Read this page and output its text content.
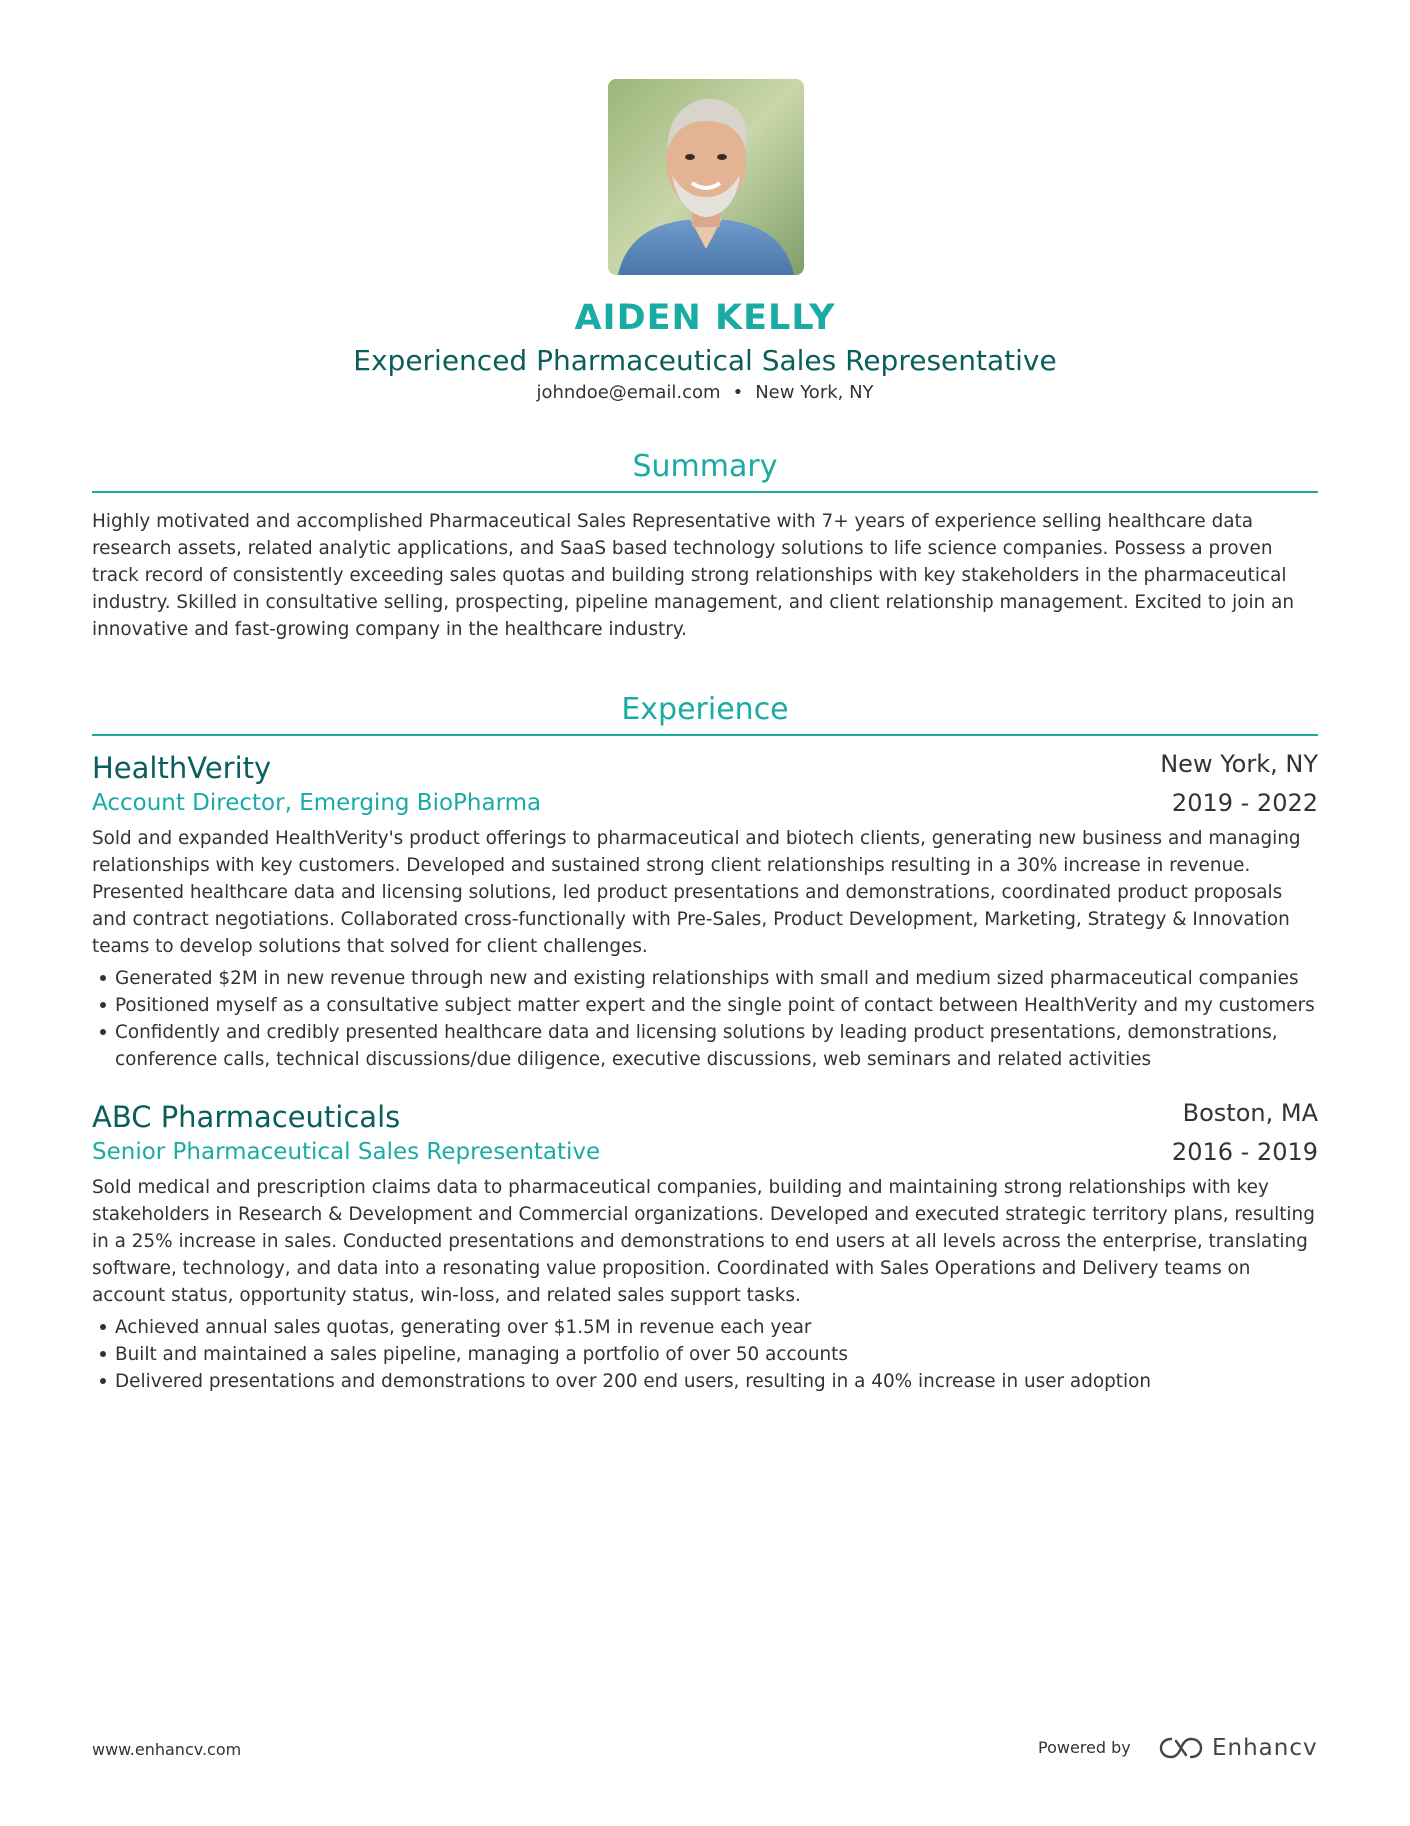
AIDEN KELLY
Experienced Pharmaceutical Sales Representative
johndoe@email.com • New York, NY
Summary
Highly motivated and accomplished Pharmaceutical Sales Representative with 7+ years of experience selling healthcare data research assets, related analytic applications, and SaaS based technology solutions to life science companies. Possess a proven track record of consistently exceeding sales quotas and building strong relationships with key stakeholders in the pharmaceutical industry. Skilled in consultative selling, prospecting, pipeline management, and client relationship management. Excited to join an innovative and fast-growing company in the healthcare industry.
Experience
HealthVerity	New York, NY
Account Director, Emerging BioPharma	2019 - 2022
Sold and expanded HealthVerity's product offerings to pharmaceutical and biotech clients, generating new business and managing relationships with key customers. Developed and sustained strong client relationships resulting in a 30% increase in revenue. Presented healthcare data and licensing solutions, led product presentations and demonstrations, coordinated product proposals and contract negotiations. Collaborated cross-functionally with Pre-Sales, Product Development, Marketing, Strategy & Innovation teams to develop solutions that solved for client challenges.
Generated $2M in new revenue through new and existing relationships with small and medium sized pharmaceutical companies
Positioned myself as a consultative subject matter expert and the single point of contact between HealthVerity and my customers
Confidently and credibly presented healthcare data and licensing solutions by leading product presentations, demonstrations, conference calls, technical discussions/due diligence, executive discussions, web seminars and related activities
ABC Pharmaceuticals	Boston, MA
Senior Pharmaceutical Sales Representative	2016 - 2019
Sold medical and prescription claims data to pharmaceutical companies, building and maintaining strong relationships with key stakeholders in Research & Development and Commercial organizations. Developed and executed strategic territory plans, resulting in a 25% increase in sales. Conducted presentations and demonstrations to end users at all levels across the enterprise, translating software, technology, and data into a resonating value proposition. Coordinated with Sales Operations and Delivery teams on account status, opportunity status, win-loss, and related sales support tasks.
Achieved annual sales quotas, generating over $1.5M in revenue each year
Built and maintained a sales pipeline, managing a portfolio of over 50 accounts
Delivered presentations and demonstrations to over 200 end users, resulting in a 40% increase in user adoption
www.enhancv.com	Powered by	Enhancv
